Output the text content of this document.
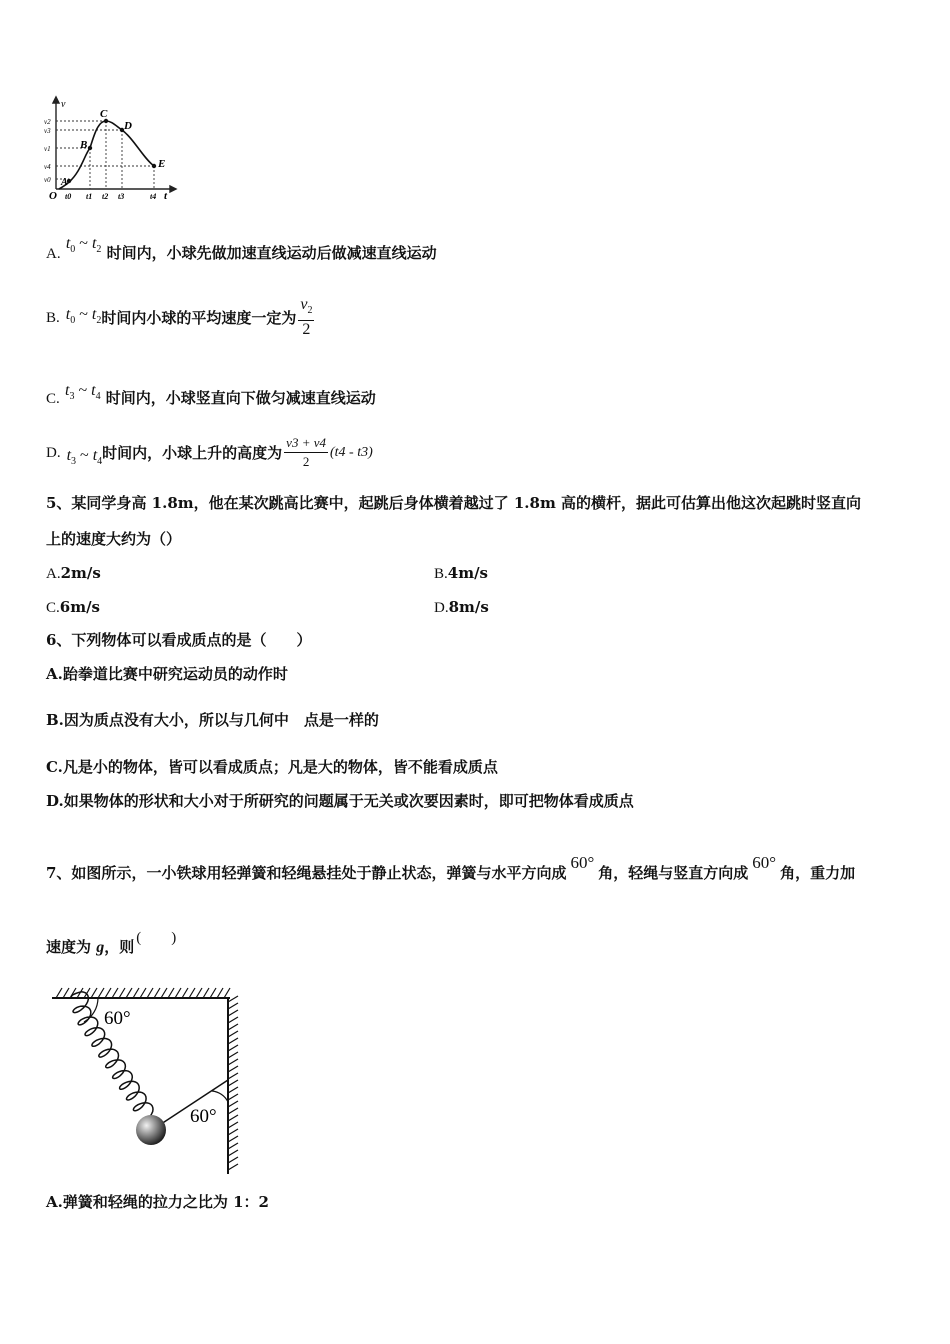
v
t
O
A
B
C
D
E
v2
v3
v1
v4
v0
t0 t1 t2 t3	t4
A. $t_0$ ~ $t_2$ 时间内，小球先做加速直线运动后做减速直线运动
B. $t_0$ ~ $t_2$ 时间内小球的平均速度一定为 $\frac{v_2}{2}$
C. $t_3$ ~ $t_4$ 时间内，小球竖直向下做匀减速直线运动
D. $t_3$ ~ $t_4$ 时间内，小球上升的高度为 $\frac{v3 + v4}{2} (t4 - t3)$
5、某同学身高 1.8m，他在某次跳高比赛中，起跳后身体横着越过了 1.8m 高的横杆，据此可估算出他这次起跳时竖直向
上的速度大约为（）
A.2m/s	B.4m/s
C.6m/s	D.8m/s
6、下列物体可以看成质点的是（　　）
A.跆拳道比赛中研究运动员的动作时
B.因为质点没有大小，所以与几何中　点是一样的
C.凡是小的物体，皆可以看成质点；凡是大的物体，皆不能看成质点
D.如果物体的形状和大小对于所研究的问题属于无关或次要因素时，即可把物体看成质点
7、如图所示，一小铁球用轻弹簧和轻绳悬挂处于静止状态，弹簧与水平方向成60°角，轻绳与竖直方向成60°角，重力加
速度为 g，则 (　　)
60°
60°
A.弹簧和轻绳的拉力之比为 1：2
